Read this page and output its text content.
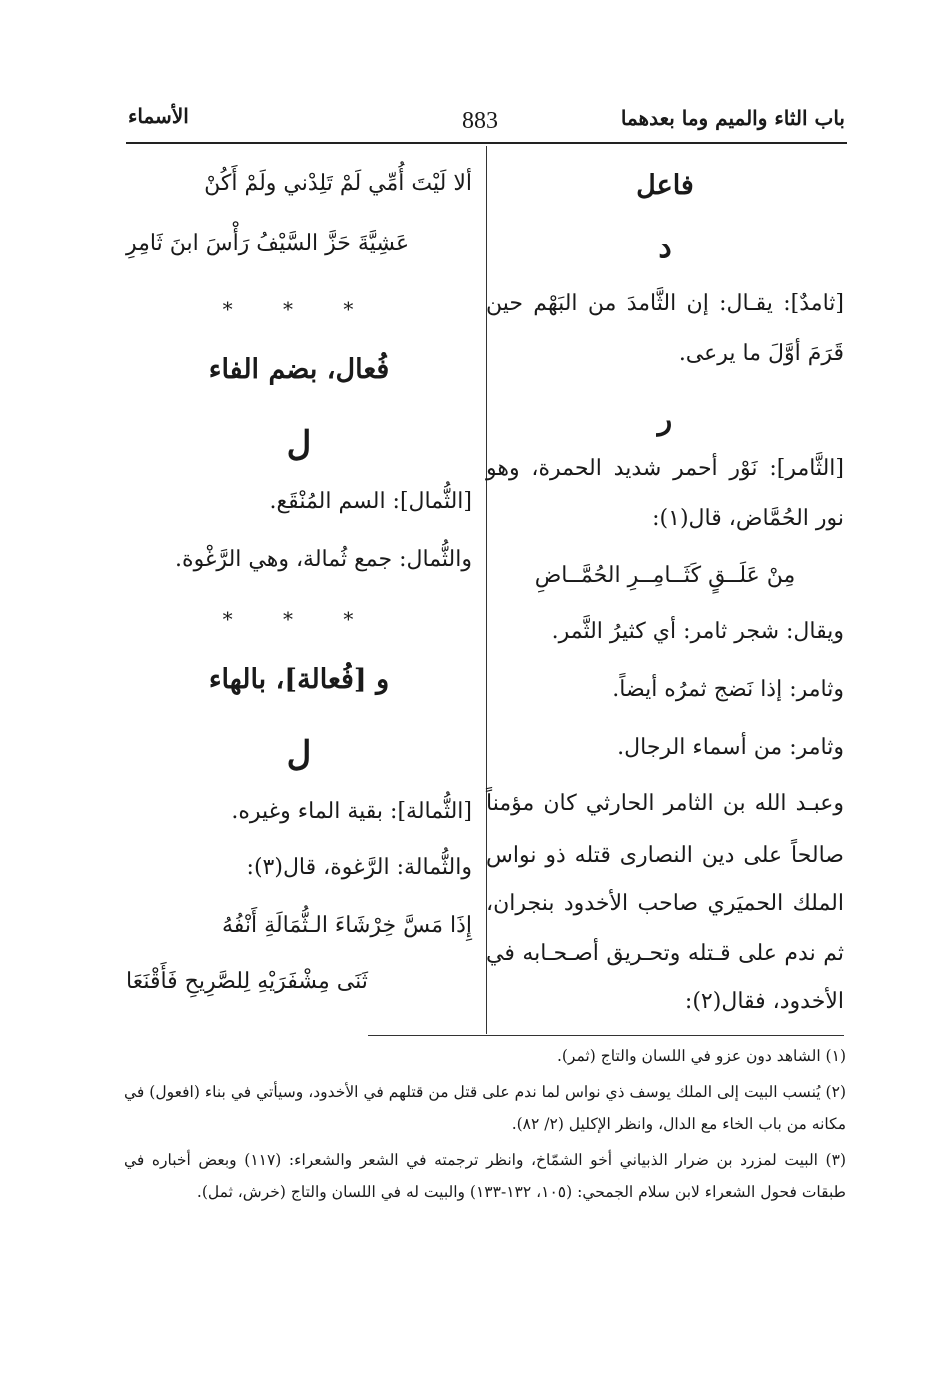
باب الثاء والميم وما بعدهما
883
الأسماء
فاعل
د
[ثامدٌ]: يقـال: إن الثَّامدَ من البَهْم حين
قَرَمَ أوَّلَ ما يرعى.
ر
[الثَّامر]: نَوْر أحمر شديد الحمرة، وهو
نور الحُمَّاض، قال(١):
مِنْ عَلَــقٍ كَثَــامِــرِ الحُمَّــاضِ
ويقال: شجر ثامر: أي كثيرُ الثَّمر.
وثامر: إذا نَضج ثمرُه أيضاً.
وثامر: من أسماء الرجال.
وعبـد الله بن الثامر الحارثي كان مؤمناً
صالحاً على دين النصارى قتله ذو نواس
الملك الحميَري صاحب الأخدود بنجران،
ثم ندم على قـتله وتحـريق أصـحـابه في
الأخدود، فقال(٢):
ألا لَيْتَ أُمِّي لَمْ تَلِدْني ولَمْ أَكُنْ
عَشِيَّةَ حَزَّ السَّيْفُ رَأْسَ ابنَ ثَامِرِ
* * *
فُعال، بضم الفاء
ل
[الثُّمال]: السم المُنْقَع.
والثُّمال: جمع ثُمالة، وهي الرَّغْوة.
* * *
و [فُعالة]، بالهاء
ل
[الثُّمالة]: بقية الماء وغيره.
والثُّمالة: الرَّغوة، قال(٣):
إِذَا مَسَّ خِرْشَاءَ الـثُّمَالَةِ أَنْفُهُ
ثَنَى مِشْفَرَيْهِ لِلصَّرِيحِ فَأَقْنَعَا
(١) الشاهد دون عزو في اللسان والتاج (ثمر).
(٢) يُنسب البيت إلى الملك يوسف ذي نواس لما ندم على قتل من قتلهم في الأخدود، وسيأتي في بناء (افعول) في
مكانه من باب الخاء مع الدال، وانظر الإكليل (٢/ ٨٢).
(٣) البيت لمزرد بن ضرار الذبياني أخو الشمّاخ، وانظر ترجمته في الشعر والشعراء: (١١٧) وبعض أخباره في
طبقات فحول الشعراء لابن سلام الجمحي: (١٠٥، ١٣٢-١٣٣) والبيت له في اللسان والتاج (خرش، ثمل).
